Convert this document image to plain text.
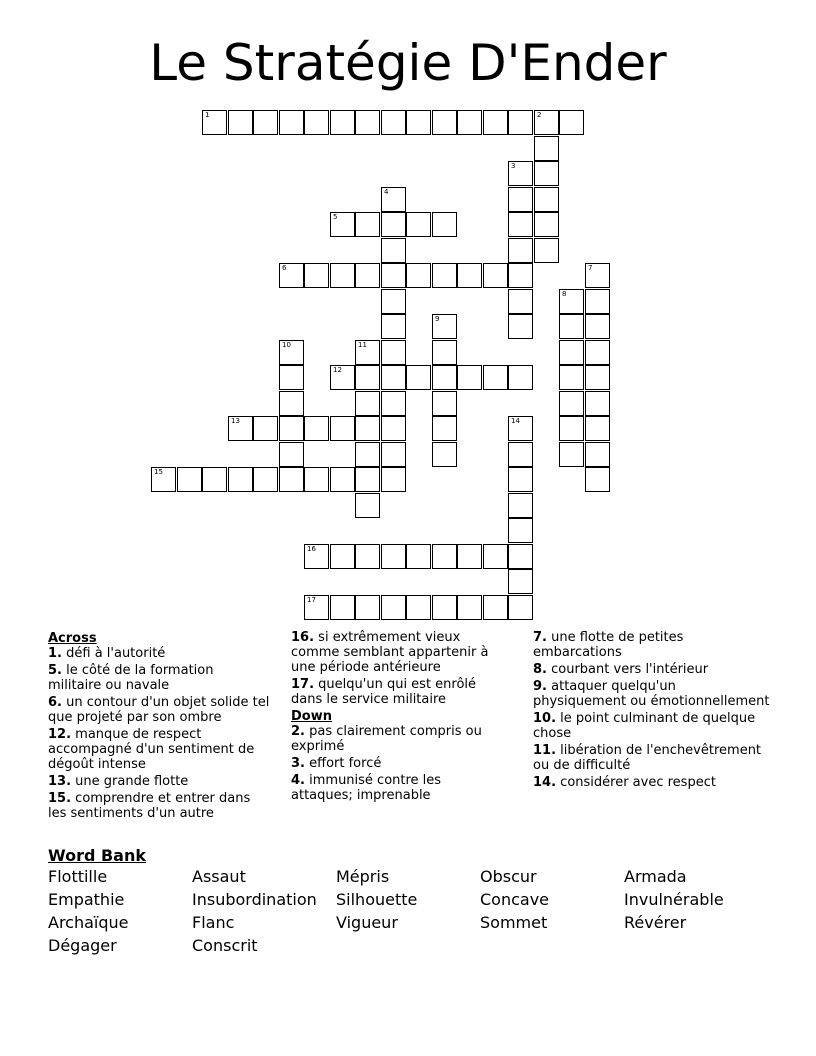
Le Stratégie D'Ender
1	2
3
4
5
6	7
8
9
10	11
12
13	14
15
16
17
Across
1. défi à l'autorité
5. le côté de la formation militaire ou navale
6. un contour d'un objet solide tel que projeté par son ombre
12. manque de respect accompagné d'un sentiment de dégoût intense
13. une grande flotte
15. comprendre et entrer dans les sentiments d'un autre
16. si extrêmement vieux comme semblant appartenir à une période antérieure
17. quelqu'un qui est enrôlé dans le service militaire
Down
2. pas clairement compris ou exprimé
3. effort forcé
4. immunisé contre les attaques; imprenable
7. une flotte de petites embarcations
8. courbant vers l'intérieur
9. attaquer quelqu'un physiquement ou émotionnellement
10. le point culminant de quelque chose
11. libération de l'enchevêtrement ou de difficulté
14. considérer avec respect
Word Bank
Flottille	Assaut	Mépris	Obscur	Armada
Empathie	Insubordination Silhouette	Concave	Invulnérable
Archaïque	Flanc	Vigueur	Sommet	Révérer
Dégager	Conscrit
